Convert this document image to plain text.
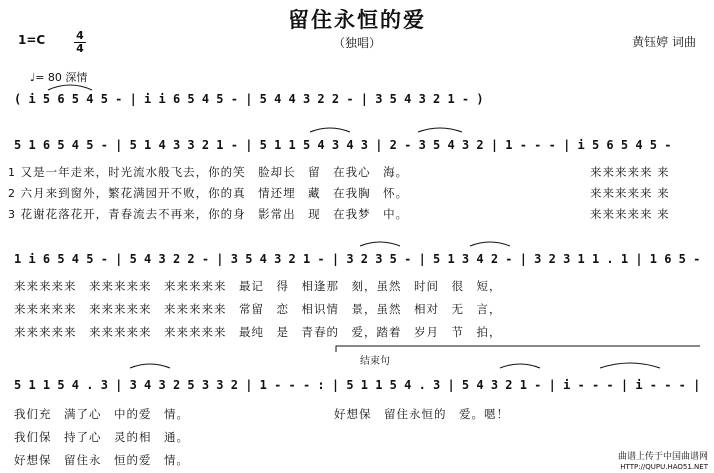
留住永恒的爱
（独唱）
1=C	4
4	黄钰婷 词曲
♩= 80 深情
( i 5 6 5 4 5 - | i i 6 5 4 5 - | 5 4 4 3 2 2 - | 3 5 4 3 2 1 - )
5 1 6 5 4 5 - | 5 1 4 3 3 2 1 - | 5 1 1 5 4 3 4 3 | 2 - 3 5 4 3 2 | 1 - - - | i 5 6 5 4 5 -
1 i 6 5 4 5 - | 5 4 3 2 2 - | 3 5 4 3 2 1 - | 3 2 3 5 - | 5 1 3 4 2 - | 3 2 3 1 1 . 1 | 1 6 5 -
5 1 1 5 4 . 3 | 3 4 3 2 5 3 3 2 | 1 - - - : | 5 1 1 5 4 . 3 | 5 4 3 2 1 - | i - - - | i - - - |
1 又是一年走来，时光流水般飞去，你的笑　脸却长　留　在我心　海。	来来来来来 来
2 六月来到窗外，繁花满园开不败，你的真　情还埋　藏　在我胸　怀。	来来来来来 来
3 花谢花落花开，青春流去不再来，你的身　影常出　现　在我梦　中。	来来来来来 来
来来来来来　来来来来来　来来来来来　最记　得　相逢那　刻，虽然　时间　很　短，
来来来来来　来来来来来　来来来来来　常留　恋　相识情　景，虽然　相对　无　言，
来来来来来　来来来来来　来来来来来　最纯　是　青春的　爱，踏着　岁月　节　拍，
结束句
我们充　满了心　中的爱　情。	好想保　留住永恒的　爱。嗯！
我们保　持了心　灵的相　通。
好想保　留住永　恒的爱　情。	曲谱上传于中国曲谱网
HTTP://QUPU.HAO51.NET
